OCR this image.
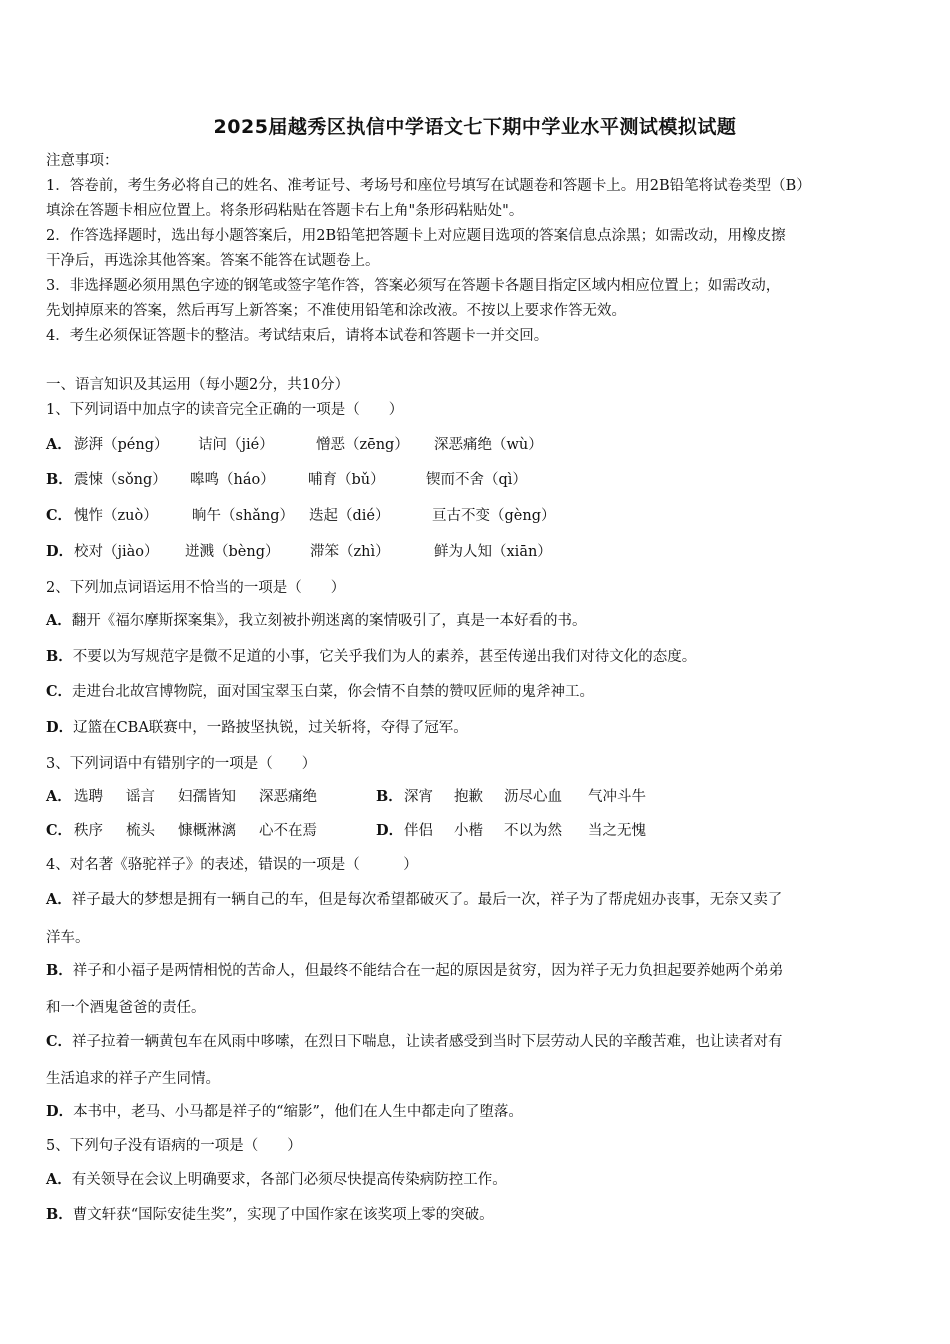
2025届越秀区执信中学语文七下期中学业水平测试模拟试题
注意事项：
1．答卷前，考生务必将自己的姓名、准考证号、考场号和座位号填写在试题卷和答题卡上。用2B铅笔将试卷类型（B）
填涂在答题卡相应位置上。将条形码粘贴在答题卡右上角"条形码粘贴处"。
2．作答选择题时，选出每小题答案后，用2B铅笔把答题卡上对应题目选项的答案信息点涂黑；如需改动，用橡皮擦
干净后，再选涂其他答案。答案不能答在试题卷上。
3．非选择题必须用黑色字迹的钢笔或签字笔作答，答案必须写在答题卡各题目指定区域内相应位置上；如需改动，
先划掉原来的答案，然后再写上新答案；不准使用铅笔和涂改液。不按以上要求作答无效。
4．考生必须保证答题卡的整洁。考试结束后，请将本试卷和答题卡一并交回。
一、语言知识及其运用（每小题2分，共10分）
1、下列词语中加点字的读音完全正确的一项是（　　）
A． 澎湃（péng） 诘问（jié）	憎恶（zēng） 深恶痛绝（wù）
B．震悚（sǒng） 嗥鸣（háo） 哺育（bǔ）	锲而不舍（qì）
C． 愧怍（zuò） 晌午（shǎng） 迭起（dié）	亘古不变（gèng）
D．校对（jiào） 迸溅（bèng） 滞笨（zhì）	鲜为人知（xiān）
2、下列加点词语运用不恰当的一项是（　　）
A．翻开《福尔摩斯探案集》，我立刻被扑朔迷离的案情吸引了，真是一本好看的书。
B．不要以为写规范字是微不足道的小事，它关乎我们为人的素养，甚至传递出我们对待文化的态度。
C．走进台北故宫博物院，面对国宝翠玉白菜，你会情不自禁的赞叹匠师的鬼斧神工。
D．辽篮在CBA联赛中，一路披坚执锐，过关斩将，夺得了冠军。
3、下列词语中有错别字的一项是（　　）
A． 选聘 谣言 妇孺皆知 深恶痛绝	B．深宵 抱歉 沥尽心血 气冲斗牛
C． 秩序 梳头 慷概淋漓 心不在焉	D．伴侣 小楷 不以为然 当之无愧
4、对名著《骆驼祥子》的表述，错误的一项是（　　　）
A．祥子最大的梦想是拥有一辆自己的车，但是每次希望都破灭了。最后一次，祥子为了帮虎妞办丧事，无奈又卖了
洋车。
B．祥子和小福子是两情相悦的苦命人，但最终不能结合在一起的原因是贫穷，因为祥子无力负担起要养她两个弟弟
和一个酒鬼爸爸的责任。
C．祥子拉着一辆黄包车在风雨中哆嗦，在烈日下喘息，让读者感受到当时下层劳动人民的辛酸苦难，也让读者对有
生活追求的祥子产生同情。
D．本书中，老马、小马都是祥子的“缩影”，他们在人生中都走向了堕落。
5、下列句子没有语病的一项是（　　）
A．有关领导在会议上明确要求，各部门必须尽快提高传染病防控工作。
B．曹文轩获“国际安徒生奖”，实现了中国作家在该奖项上零的突破。
